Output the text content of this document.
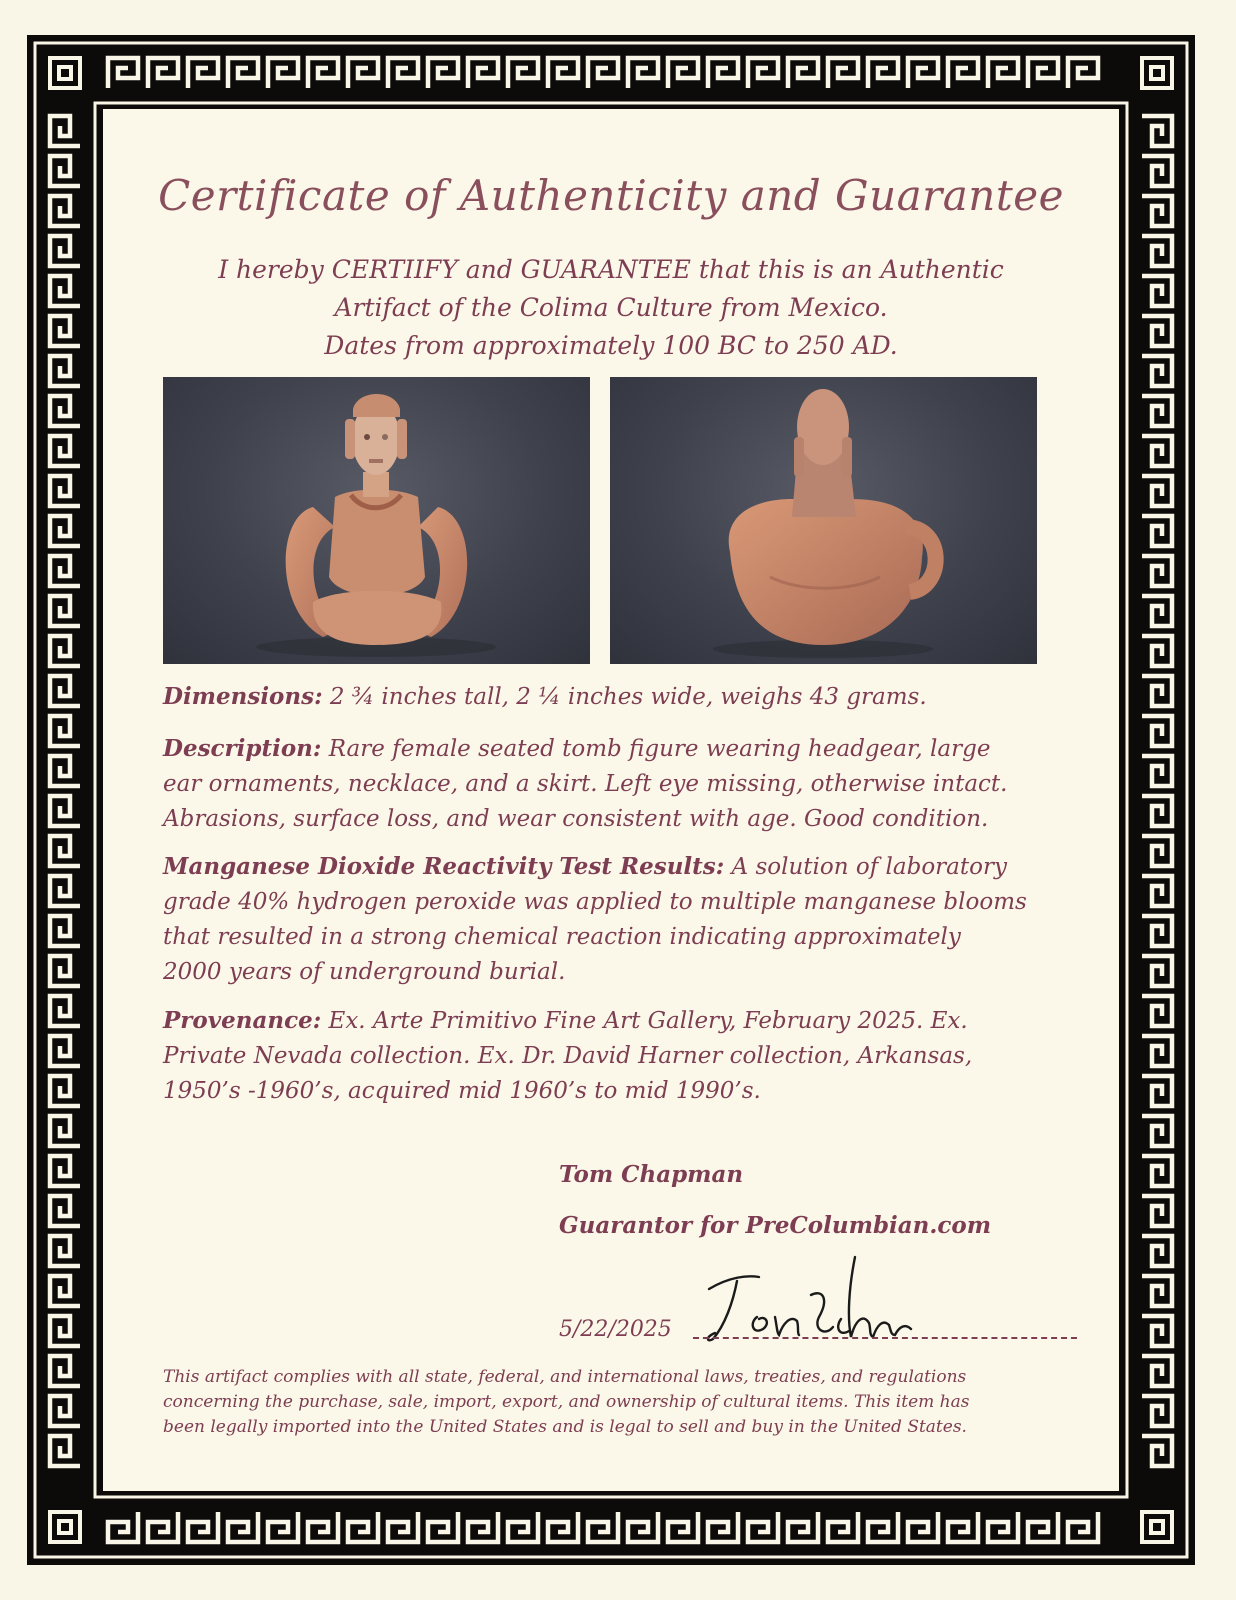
Certificate of Authenticity and Guarantee
I hereby CERTIIFY and GUARANTEE that this is an Authentic
Artifact of the Colima Culture from Mexico.
Dates from approximately 100 BC to 250 AD.
Dimensions: 2 ¾ inches tall, 2 ¼ inches wide, weighs 43 grams.
Description: Rare female seated tomb figure wearing headgear, large
ear ornaments, necklace, and a skirt. Left eye missing, otherwise intact.
Abrasions, surface loss, and wear consistent with age. Good condition.
Manganese Dioxide Reactivity Test Results: A solution of laboratory
grade 40% hydrogen peroxide was applied to multiple manganese blooms
that resulted in a strong chemical reaction indicating approximately
2000 years of underground burial.
Provenance: Ex. Arte Primitivo Fine Art Gallery, February 2025. Ex.
Private Nevada collection. Ex. Dr. David Harner collection, Arkansas,
1950’s -1960’s, acquired mid 1960’s to mid 1990’s.
Tom Chapman
Guarantor for PreColumbian.com
5/22/2025
This artifact complies with all state, federal, and international laws, treaties, and regulations
concerning the purchase, sale, import, export, and ownership of cultural items. This item has
been legally imported into the United States and is legal to sell and buy in the United States.
